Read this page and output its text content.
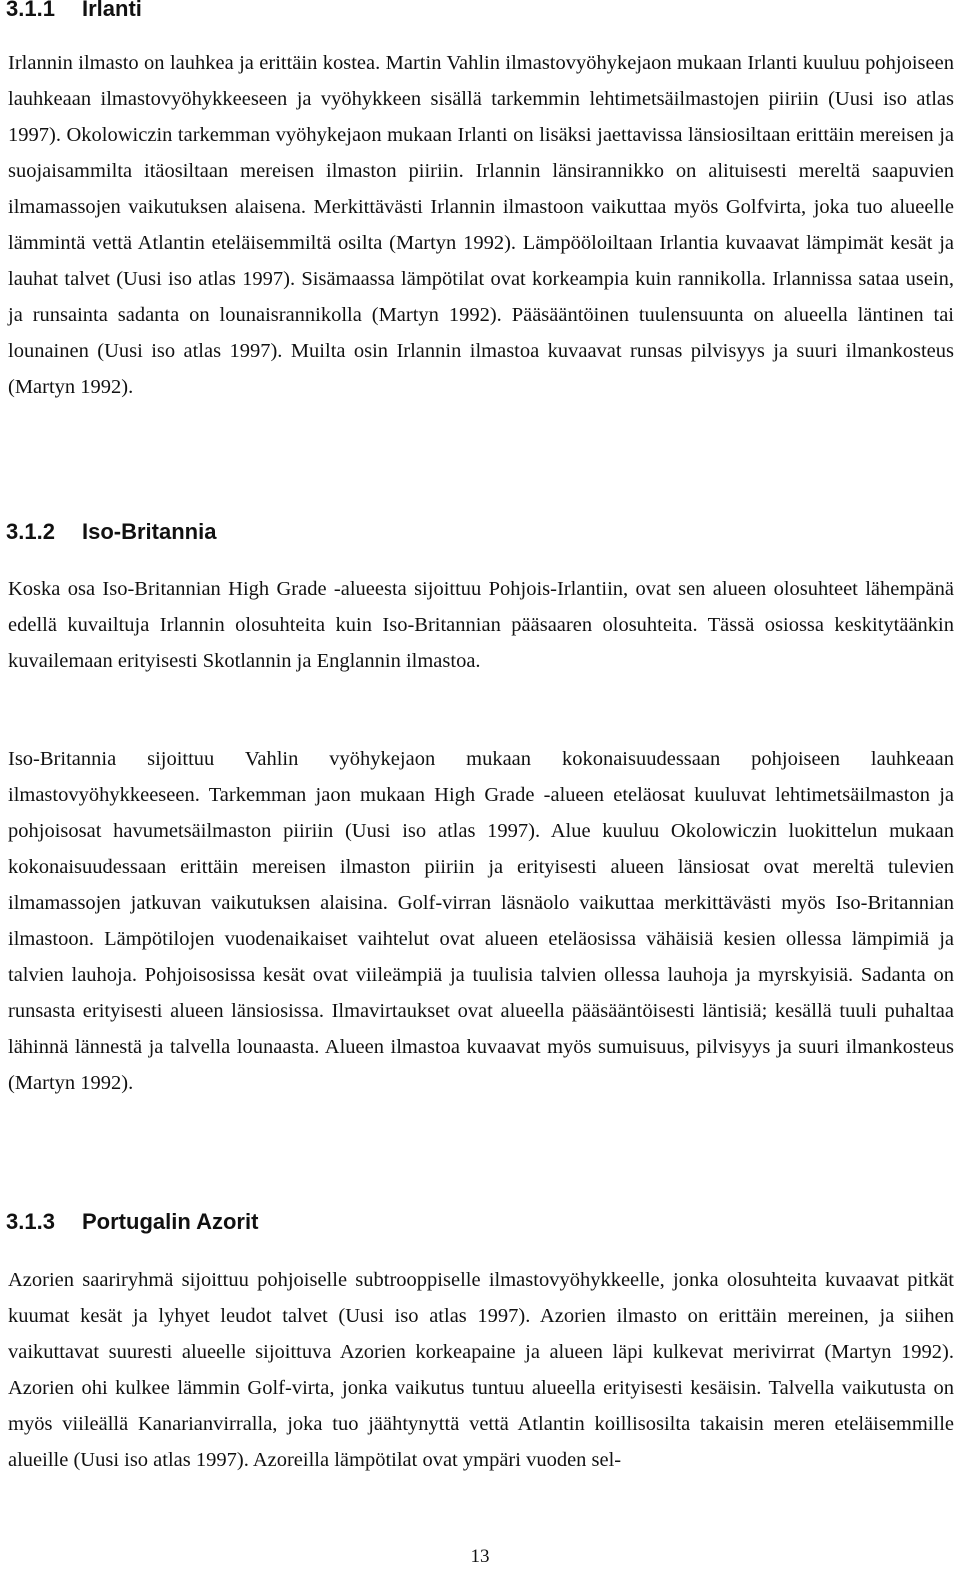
3.1.1 Irlanti

Irlannin ilmasto on lauhkea ja erittäin kostea. Martin Vahlin ilmastovyöhykejaon mukaan Irlanti kuuluu pohjoiseen lauhkeaan ilmastovyöhykkeeseen ja vyöhykkeen sisällä tarkemmin lehtimetsäilmastojen piiriin (Uusi iso atlas 1997). Okolowiczin tarkemman vyöhykejaon mukaan Irlanti on lisäksi jaettavissa länsiosiltaan erittäin mereisen ja suojaisammilta itäosiltaan mereisen ilmaston piiriin. Irlannin länsirannikko on alituisesti mereltä saapuvien ilmamassojen vaikutuksen alaisena. Merkittävästi Irlannin ilmastoon vaikuttaa myös Golfvirta, joka tuo alueelle lämmintä vettä Atlantin eteläisemmiltä osilta (Martyn 1992). Lämpööloiltaan Irlantia kuvaavat lämpimät kesät ja lauhat talvet (Uusi iso atlas 1997). Sisämaassa lämpötilat ovat korkeampia kuin rannikolla. Irlannissa sataa usein, ja runsainta sadanta on lounaisrannikolla (Martyn 1992). Pääsääntöinen tuulensuunta on alueella läntinen tai lounainen (Uusi iso atlas 1997). Muilta osin Irlannin ilmastoa kuvaavat runsas pilvisyys ja suuri ilmankosteus (Martyn 1992).

3.1.2 Iso-Britannia

Koska osa Iso-Britannian High Grade -alueesta sijoittuu Pohjois-Irlantiin, ovat sen alueen olosuhteet lähempänä edellä kuvailtuja Irlannin olosuhteita kuin Iso-Britannian pääsaaren olosuhteita. Tässä osiossa keskitytäänkin kuvailemaan erityisesti Skotlannin ja Englannin ilmastoa.

Iso-Britannia sijoittuu Vahlin vyöhykejaon mukaan kokonaisuudessaan pohjoiseen lauhkeaan ilmastovyöhykkeeseen. Tarkemman jaon mukaan High Grade -alueen eteläosat kuuluvat lehtimetsäilmaston ja pohjoisosat havumetsäilmaston piiriin (Uusi iso atlas 1997). Alue kuuluu Okolowiczin luokittelun mukaan kokonaisuudessaan erittäin mereisen ilmaston piiriin ja erityisesti alueen länsiosat ovat mereltä tulevien ilmamassojen jatkuvan vaikutuksen alaisina. Golf-virran läsnäolo vaikuttaa merkittävästi myös Iso-Britannian ilmastoon. Lämpötilojen vuodenaikaiset vaihtelut ovat alueen eteläosissa vähäisiä kesien ollessa lämpimiä ja talvien lauhoja. Pohjoisosissa kesät ovat viileämpiä ja tuulisia talvien ollessa lauhoja ja myrskyisiä. Sadanta on runsasta erityisesti alueen länsiosissa. Ilmavirtaukset ovat alueella pääsääntöisesti läntisiä; kesällä tuuli puhaltaa lähinnä lännestä ja talvella lounaasta. Alueen ilmastoa kuvaavat myös sumuisuus, pilvisyys ja suuri ilmankosteus (Martyn 1992).

3.1.3 Portugalin Azorit

Azorien saariryhmä sijoittuu pohjoiselle subtrooppiselle ilmastovyöhykkeelle, jonka olosuhteita kuvaavat pitkät kuumat kesät ja lyhyet leudot talvet (Uusi iso atlas 1997). Azorien ilmasto on erittäin mereinen, ja siihen vaikuttavat suuresti alueelle sijoittuva Azorien korkeapaine ja alueen läpi kulkevat merivirrat (Martyn 1992). Azorien ohi kulkee lämmin Golf-virta, jonka vaikutus tuntuu alueella erityisesti kesäisin. Talvella vaikutusta on myös viileällä Kanarianvirralla, joka tuo jäähtynyttä vettä Atlantin koillisosilta takaisin meren eteläisemmille alueille (Uusi iso atlas 1997). Azoreilla lämpötilat ovat ympäri vuoden sel-

13
